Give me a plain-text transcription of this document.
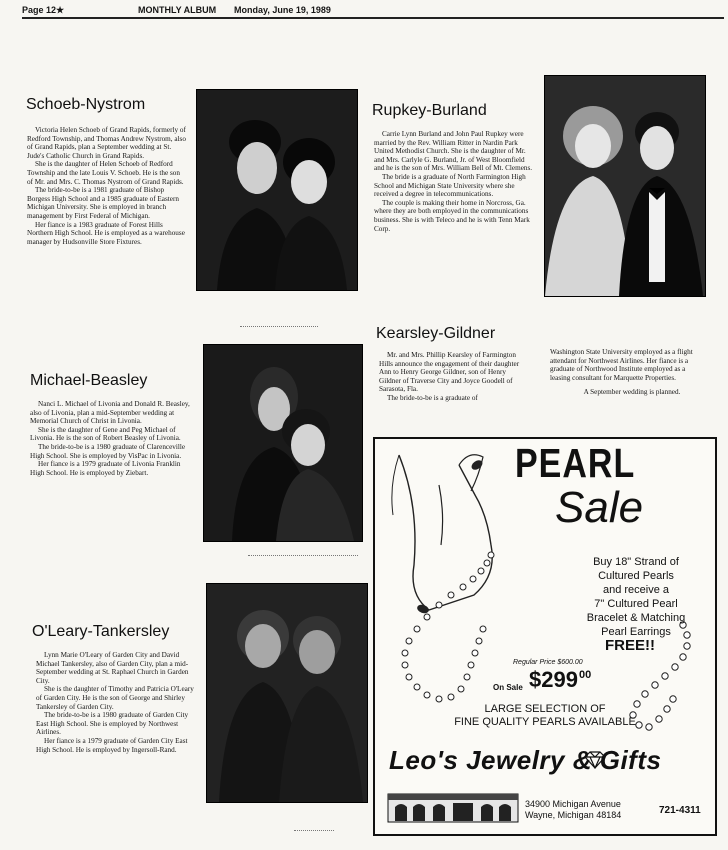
Page 12★	MONTHLY ALBUM Monday, June 19, 1989
Schoeb-Nystrom

Victoria Helen Schoeb of Grand Rapids, formerly of Redford Township, and Thomas Andrew Nystrom, also of Grand Rapids, plan a September wedding at St. Jude's Catholic Church in Grand Rapids.

She is the daughter of Helen Schoeb of Redford Township and the late Louis V. Schoeb. He is the son of Mr. and Mrs. C. Thomas Nystrom of Grand Rapids.

The bride-to-be is a 1981 graduate of Bishop Borgess High School and a 1985 graduate of Eastern Michigan University. She is employed in branch management by First Federal of Michigan.

Her fiance is a 1983 graduate of Forest Hills Northern High School. He is employed as a warehouse manager by Hudsonville Store Fixtures.

Rupkey-Burland

Carrie Lynn Burland and John Paul Rupkey were married by the Rev. William Ritter in Nardin Park United Methodist Church. She is the daughter of Mr. and Mrs. Carlyle G. Burland, Jr. of West Bloomfield and he is the son of Mrs. William Bell of Mt. Clemens.

The bride is a graduate of North Farmington High School and Michigan State University where she received a degree in telecommunications.

The couple is making their home in Norcross, Ga. where they are both employed in the communications business. She is with Teleco and he is with Tenn Mark Corp.

Kearsley-Gildner

Mr. and Mrs. Phillip Kearsley of Farmington Hills announce the engagement of their daughter Ann to Henry George Gildner, son of Henry Gildner of Traverse City and Joyce Goodell of Sarasota, Fla.

The bride-to-be is a graduate of

Washington State University employed as a flight attendant for Northwest Airlines. Her fiance is a graduate of Northwood Institute employed as a leasing consultant for Marquette Properties.

A September wedding is planned.

Michael-Beasley

Nanci L. Michael of Livonia and Donald R. Beasley, also of Livonia, plan a mid-September wedding at Memorial Church of Christ in Livonia.

She is the daughter of Gene and Peg Michael of Livonia. He is the son of Robert Beasley of Livonia.

The bride-to-be is a 1980 graduate of Clarenceville High School. She is employed by VisPac in Livonia.

Her fiance is a 1979 graduate of Livonia Franklin High School. He is employed by Ziebart.

O'Leary-Tankersley

Lynn Marie O'Leary of Garden City and David Michael Tankersley, also of Garden City, plan a mid-September wedding at St. Raphael Church in Garden City.

She is the daughter of Timothy and Patricia O'Leary of Garden City. He is the son of George and Shirley Tankersley of Garden City.

The bride-to-be is a 1980 graduate of Garden City East High School. She is employed by Northwest Airlines.

Her fiance is a 1979 graduate of Garden City East High School. He is employed by Ingersoll-Rand.

PEARL
Sale
Buy 18" Strand of
Cultured Pearls
and receive a
7" Cultured Pearl
Bracelet & Matching
Pearl Earrings
FREE!!
Regular Price $600.00
On Sale $299 00
LARGE SELECTION OF
FINE QUALITY PEARLS AVAILABLE
Leo's Jewelry & Gifts
34900 Michigan Avenue
Wayne, Michigan 48184	721-4311
